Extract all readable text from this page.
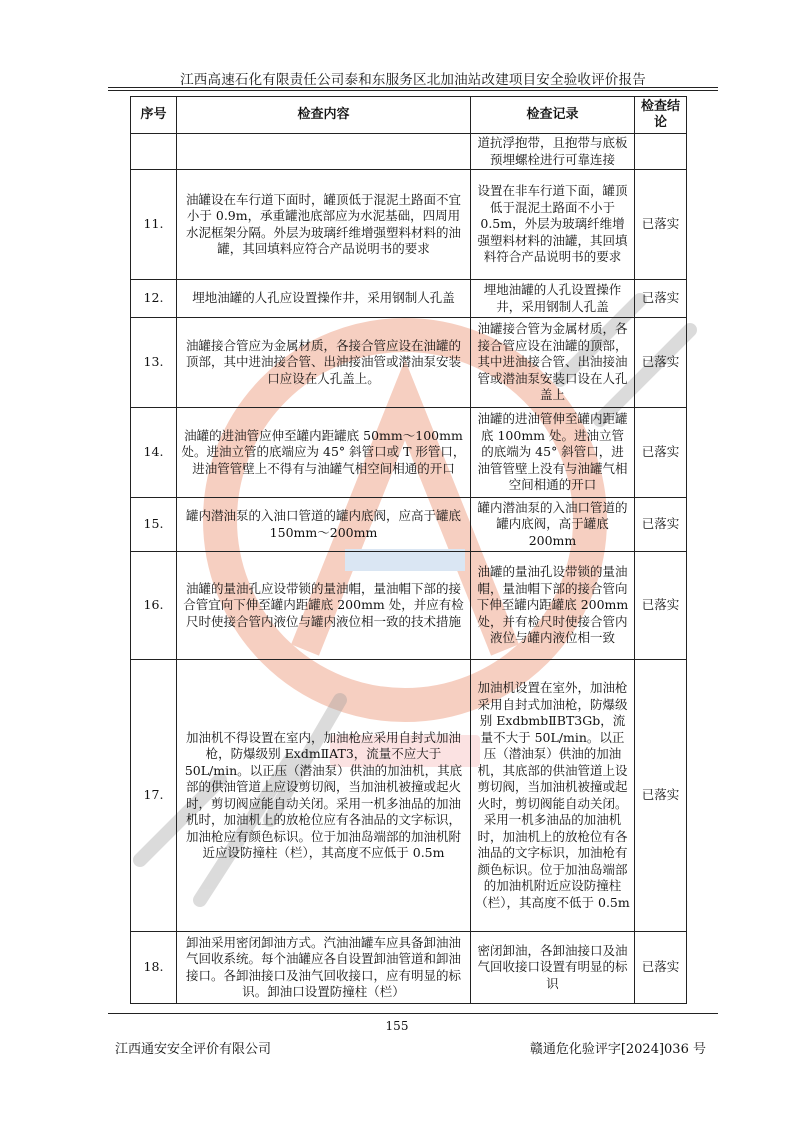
江西高速石化有限责任公司泰和东服务区北加油站改建项目安全验收评价报告
序号	检查内容	检查记录	检查结论
		道抗浮抱带，且抱带与底板预埋螺栓进行可靠连接	
11.	油罐设在车行道下面时，罐顶低于混泥土路面不宜小于 0.9m，承重罐池底部应为水泥基础，四周用水泥框架分隔。外层为玻璃纤维增强塑料材料的油罐，其回填料应符合产品说明书的要求	设置在非车行道下面，罐顶低于混泥土路面不小于 0.5m，外层为玻璃纤维增强塑料材料的油罐，其回填料符合产品说明书的要求	已落实
12.	埋地油罐的人孔应设置操作井，采用钢制人孔盖	埋地油罐的人孔设置操作井，采用钢制人孔盖	已落实
13.	油罐接合管应为金属材质，各接合管应设在油罐的顶部，其中进油接合管、出油接油管或潜油泵安装口应设在人孔盖上。	油罐接合管为金属材质，各接合管应设在油罐的顶部，其中进油接合管、出油接油管或潜油泵安装口设在人孔盖上	已落实
14.	油罐的进油管应伸至罐内距罐底 50mm～100mm 处。进油立管的底端应为 45° 斜管口或 T 形管口，进油管管壁上不得有与油罐气相空间相通的开口	油罐的进油管伸至罐内距罐底 100mm 处。进油立管的底端为 45° 斜管口，进油管管壁上没有与油罐气相空间相通的开口	已落实
15.	罐内潜油泵的入油口管道的罐内底阀，应高于罐底 150mm～200mm	罐内潜油泵的入油口管道的罐内底阀，高于罐底 200mm	已落实
16.	油罐的量油孔应设带锁的量油帽，量油帽下部的接合管宜向下伸至罐内距罐底 200mm 处，并应有检尺时使接合管内液位与罐内液位相一致的技术措施	油罐的量油孔设带锁的量油帽，量油帽下部的接合管向下伸至罐内距罐底 200mm 处，并有检尺时使接合管内液位与罐内液位相一致	已落实
17.	加油机不得设置在室内，加油枪应采用自封式加油枪，防爆级别 ExdmⅡAT3，流量不应大于 50L/min。以正压（潜油泵）供油的加油机，其底部的供油管道上应设剪切阀，当加油机被撞或起火时，剪切阀应能自动关闭。采用一机多油品的加油机时，加油机上的放枪位应有各油品的文字标识，加油枪应有颜色标识。位于加油岛端部的加油机附近应设防撞柱（栏），其高度不应低于 0.5m	加油机设置在室外，加油枪采用自封式加油枪，防爆级别 ExdbmbⅡBT3Gb，流量不大于 50L/min。以正压（潜油泵）供油的加油机，其底部的供油管道上设剪切阀，当加油机被撞或起火时，剪切阀能自动关闭。采用一机多油品的加油机时，加油机上的放枪位有各油品的文字标识，加油枪有颜色标识。位于加油岛端部的加油机附近应设防撞柱（栏），其高度不低于 0.5m	已落实
18.	卸油采用密闭卸油方式。汽油油罐车应具备卸油油气回收系统。每个油罐应各自设置卸油管道和卸油接口。各卸油接口及油气回收接口，应有明显的标识。卸油口设置防撞柱（栏）	密闭卸油，各卸油接口及油气回收接口设置有明显的标识	已落实
155
江西通安安全评价有限公司	赣通危化验评字[2024]036 号
